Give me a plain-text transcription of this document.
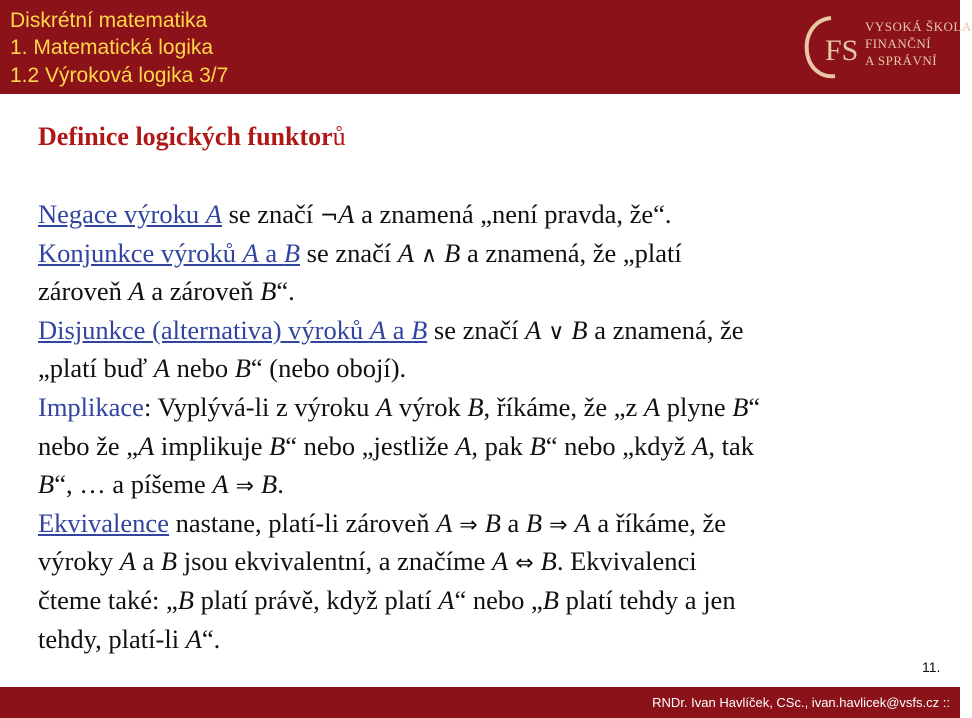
Diskrétní matematika
1. Matematická logika
1.2 Výroková logika 3/7
FS
VYSOKÁ ŠKOLA
FINANČNÍ
A SPRÁVNÍ
Definice logických funktorů
Negace výroku A se značí ¬A a znamená „není pravda, že“.
Konjunkce výroků A a B se značí A ∧ B a znamená, že „platí
zároveň A a zároveň B“.
Disjunkce (alternativa) výroků A a B se značí A ∨ B a znamená, že
„platí buď A nebo B“ (nebo obojí).
Implikace: Vyplývá-li z výroku A výrok B, říkáme, že „z A plyne B“
nebo že „A implikuje B“ nebo „jestliže A, pak B“ nebo „když A, tak
B“, … a píšeme A ⇒ B.
Ekvivalence nastane, platí-li zároveň A ⇒ B a B ⇒ A a říkáme, že
výroky A a B jsou ekvivalentní, a značíme A ⇔ B. Ekvivalenci
čteme také: „B platí právě, když platí A“ nebo „B platí tehdy a jen
tehdy, platí-li A“.
11.
RNDr. Ivan Havlíček, CSc., ivan.havlicek@vsfs.cz ::
